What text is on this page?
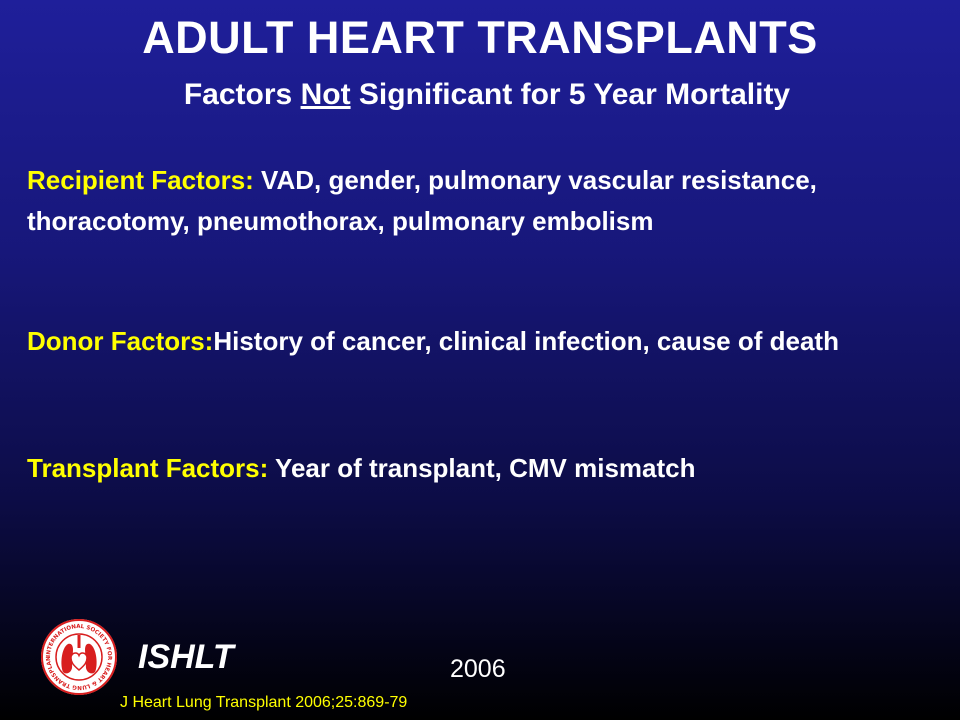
ADULT HEART TRANSPLANTS
Factors Not Significant for 5 Year Mortality
Recipient Factors: VAD, gender, pulmonary vascular resistance, thoracotomy, pneumothorax, pulmonary embolism
Donor Factors:History of cancer, clinical infection, cause of death
Transplant Factors: Year of transplant, CMV mismatch
INTERNATIONAL SOCIETY FOR HEART & LUNG TRANSPLAN	ISHLT	2006
J Heart Lung Transplant 2006;25:869-79
